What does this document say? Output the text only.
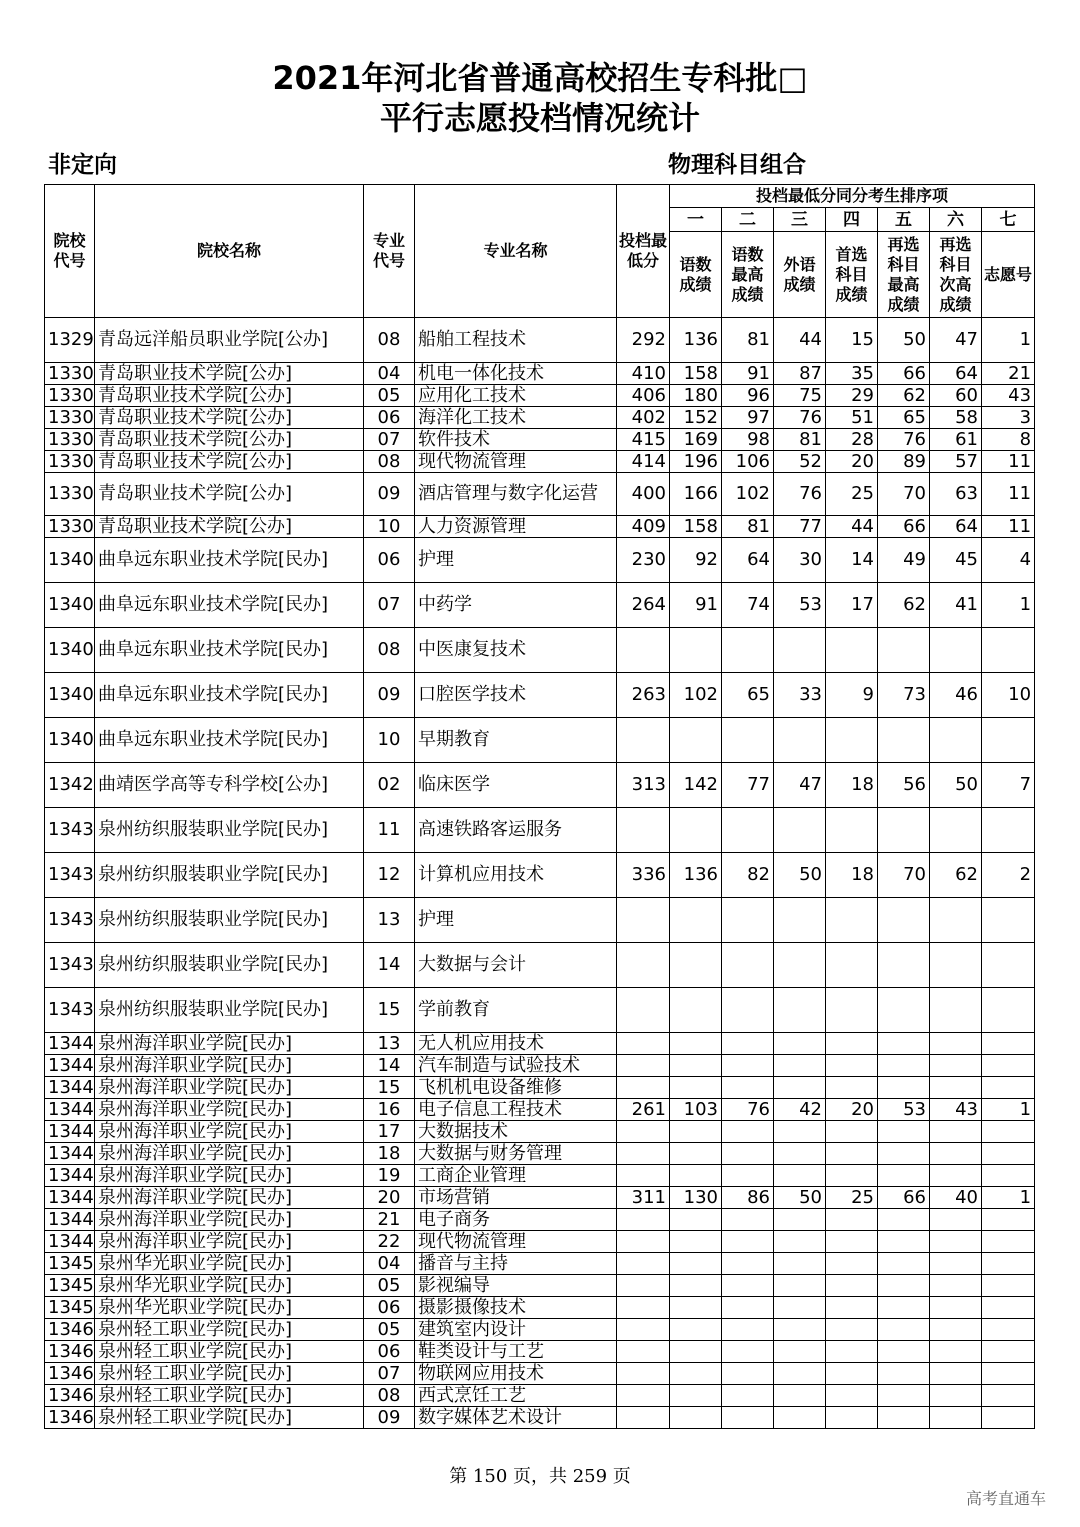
2021年河北省普通高校招生专科批□
平行志愿投档情况统计
非定向	物理科目组合
院校代号	院校名称	专业代号	专业名称	投档最低分	投档最低分同分考生排序项						
					一	二	三	四	五	六	七
					语数成绩	语数最高成绩	外语成绩	首选科目成绩	再选科目最高成绩	再选科目次高成绩	志愿号
1329	青岛远洋船员职业学院[公办]	08	船舶工程技术	292	136	81	44	15	50	47	1
1330	青岛职业技术学院[公办]	04	机电一体化技术	410	158	91	87	35	66	64	21
1330	青岛职业技术学院[公办]	05	应用化工技术	406	180	96	75	29	62	60	43
1330	青岛职业技术学院[公办]	06	海洋化工技术	402	152	97	76	51	65	58	3
1330	青岛职业技术学院[公办]	07	软件技术	415	169	98	81	28	76	61	8
1330	青岛职业技术学院[公办]	08	现代物流管理	414	196	106	52	20	89	57	11
1330	青岛职业技术学院[公办]	09	酒店管理与数字化运营	400	166	102	76	25	70	63	11
1330	青岛职业技术学院[公办]	10	人力资源管理	409	158	81	77	44	66	64	11
1340	曲阜远东职业技术学院[民办]	06	护理	230	92	64	30	14	49	45	4
1340	曲阜远东职业技术学院[民办]	07	中药学	264	91	74	53	17	62	41	1
1340	曲阜远东职业技术学院[民办]	08	中医康复技术								
1340	曲阜远东职业技术学院[民办]	09	口腔医学技术	263	102	65	33	9	73	46	10
1340	曲阜远东职业技术学院[民办]	10	早期教育								
1342	曲靖医学高等专科学校[公办]	02	临床医学	313	142	77	47	18	56	50	7
1343	泉州纺织服装职业学院[民办]	11	高速铁路客运服务								
1343	泉州纺织服装职业学院[民办]	12	计算机应用技术	336	136	82	50	18	70	62	2
1343	泉州纺织服装职业学院[民办]	13	护理								
1343	泉州纺织服装职业学院[民办]	14	大数据与会计								
1343	泉州纺织服装职业学院[民办]	15	学前教育								
1344	泉州海洋职业学院[民办]	13	无人机应用技术								
1344	泉州海洋职业学院[民办]	14	汽车制造与试验技术								
1344	泉州海洋职业学院[民办]	15	飞机机电设备维修								
1344	泉州海洋职业学院[民办]	16	电子信息工程技术	261	103	76	42	20	53	43	1
1344	泉州海洋职业学院[民办]	17	大数据技术								
1344	泉州海洋职业学院[民办]	18	大数据与财务管理								
1344	泉州海洋职业学院[民办]	19	工商企业管理								
1344	泉州海洋职业学院[民办]	20	市场营销	311	130	86	50	25	66	40	1
1344	泉州海洋职业学院[民办]	21	电子商务								
1344	泉州海洋职业学院[民办]	22	现代物流管理								
1345	泉州华光职业学院[民办]	04	播音与主持								
1345	泉州华光职业学院[民办]	05	影视编导								
1345	泉州华光职业学院[民办]	06	摄影摄像技术								
1346	泉州轻工职业学院[民办]	05	建筑室内设计								
1346	泉州轻工职业学院[民办]	06	鞋类设计与工艺								
1346	泉州轻工职业学院[民办]	07	物联网应用技术								
1346	泉州轻工职业学院[民办]	08	西式烹饪工艺								
1346	泉州轻工职业学院[民办]	09	数字媒体艺术设计								
第 150 页，共 259 页
高考直通车
